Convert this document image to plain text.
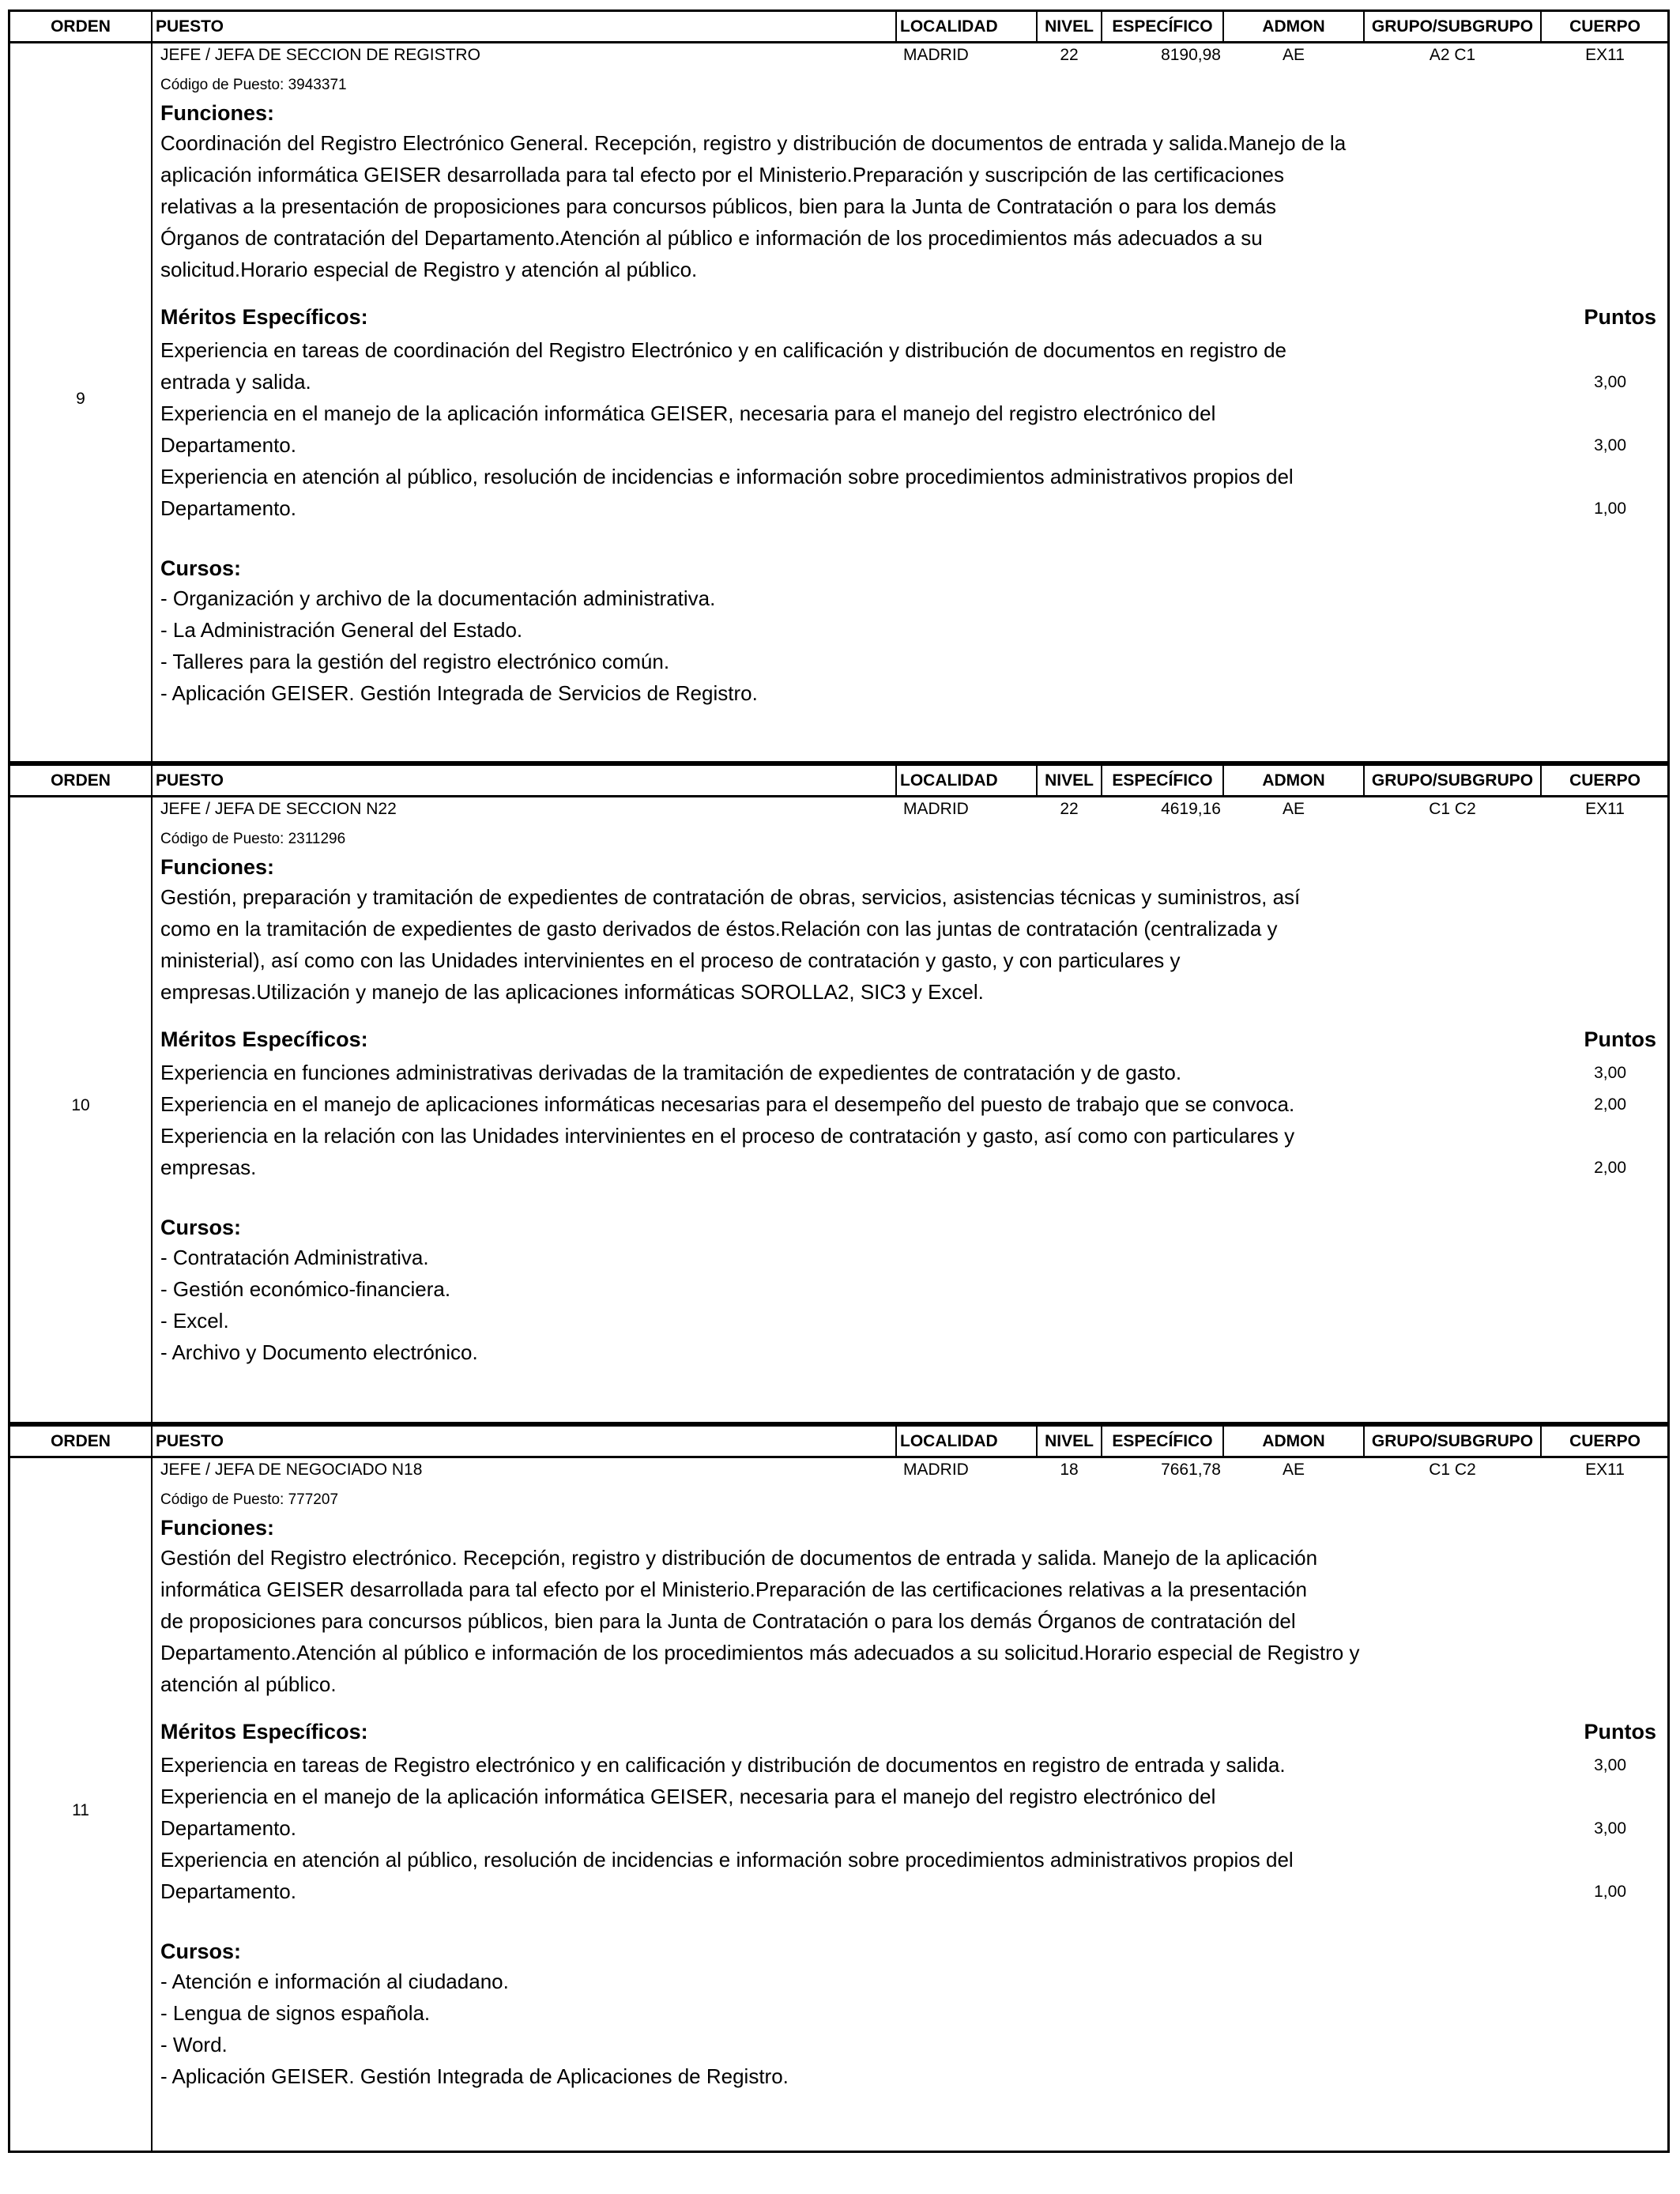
ORDEN	PUESTO	LOCALIDAD	NIVEL	ESPECÍFICO	ADMON	GRUPO/SUBGRUPO	CUERPO
9
JEFE / JEFA DE SECCION DE REGISTRO	MADRID	22	8190,98	AE	A2 C1	EX11
Código de Puesto: 3943371
Funciones:
Coordinación del Registro Electrónico General. Recepción, registro y distribución de documentos de entrada y salida.Manejo de la
aplicación informática GEISER desarrollada para tal efecto por el Ministerio.Preparación y suscripción de las certificaciones
relativas a la presentación de proposiciones para concursos públicos, bien para la Junta de Contratación o para los demás
Órganos de contratación del Departamento.Atención al público e información de los procedimientos más adecuados a su
solicitud.Horario especial de Registro y atención al público.
Méritos Específicos:	Puntos
Experiencia en tareas de coordinación del Registro Electrónico y en calificación y distribución de documentos en registro de
entrada y salida.	3,00
Experiencia en el manejo de la aplicación informática GEISER, necesaria para el manejo del registro electrónico del
Departamento.	3,00
Experiencia en atención al público, resolución de incidencias e información sobre procedimientos administrativos propios del
Departamento.	1,00
Cursos:
- Organización y archivo de la documentación administrativa.
- La Administración General del Estado.
- Talleres para la gestión del registro electrónico común.
- Aplicación GEISER. Gestión Integrada de Servicios de Registro.
ORDEN	PUESTO	LOCALIDAD	NIVEL	ESPECÍFICO	ADMON	GRUPO/SUBGRUPO	CUERPO
10
JEFE / JEFA DE SECCION N22	MADRID	22	4619,16	AE	C1 C2	EX11
Código de Puesto: 2311296
Funciones:
Gestión, preparación y tramitación de expedientes de contratación de obras, servicios, asistencias técnicas y suministros, así
como en la tramitación de expedientes de gasto derivados de éstos.Relación con las juntas de contratación (centralizada y
ministerial), así como con las Unidades intervinientes en el proceso de contratación y gasto, y con particulares y
empresas.Utilización y manejo de las aplicaciones informáticas SOROLLA2, SIC3 y Excel.
Méritos Específicos:	Puntos
Experiencia en funciones administrativas derivadas de la tramitación de expedientes de contratación y de gasto.	3,00
Experiencia en el manejo de aplicaciones informáticas necesarias para el desempeño del puesto de trabajo que se convoca.	2,00
Experiencia en la relación con las Unidades intervinientes en el proceso de contratación y gasto, así como con particulares y
empresas.	2,00
Cursos:
- Contratación Administrativa.
- Gestión económico-financiera.
- Excel.
- Archivo y Documento electrónico.
ORDEN	PUESTO	LOCALIDAD	NIVEL	ESPECÍFICO	ADMON	GRUPO/SUBGRUPO	CUERPO
11
JEFE / JEFA DE NEGOCIADO N18	MADRID	18	7661,78	AE	C1 C2	EX11
Código de Puesto: 777207
Funciones:
Gestión del Registro electrónico. Recepción, registro y distribución de documentos de entrada y salida. Manejo de la aplicación
informática GEISER desarrollada para tal efecto por el Ministerio.Preparación de las certificaciones relativas a la presentación
de proposiciones para concursos públicos, bien para la Junta de Contratación o para los demás Órganos de contratación del
Departamento.Atención al público e información de los procedimientos más adecuados a su solicitud.Horario especial de Registro y
atención al público.
Méritos Específicos:	Puntos
Experiencia en tareas de Registro electrónico y en calificación y distribución de documentos en registro de entrada y salida.	3,00
Experiencia en el manejo de la aplicación informática GEISER, necesaria para el manejo del registro electrónico del
Departamento.	3,00
Experiencia en atención al público, resolución de incidencias e información sobre procedimientos administrativos propios del
Departamento.	1,00
Cursos:
- Atención e información al ciudadano.
- Lengua de signos española.
- Word.
- Aplicación GEISER. Gestión Integrada de Aplicaciones de Registro.
